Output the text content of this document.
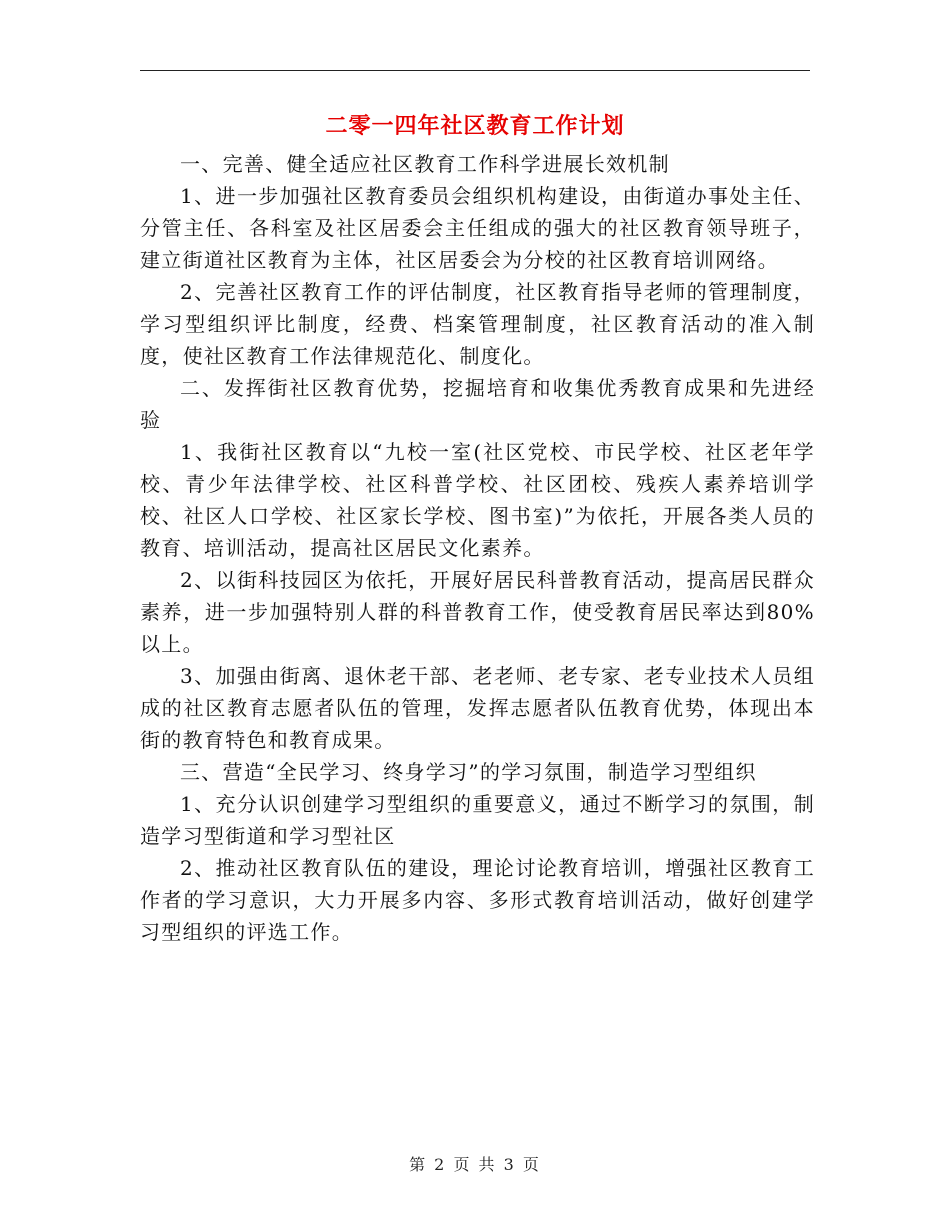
二零一四年社区教育工作计划

一、完善、健全适应社区教育工作科学进展长效机制

1、进一步加强社区教育委员会组织机构建设，由街道办事处主任、分管主任、各科室及社区居委会主任组成的强大的社区教育领导班子，建立街道社区教育为主体，社区居委会为分校的社区教育培训网络。

2、完善社区教育工作的评估制度，社区教育指导老师的管理制度，学习型组织评比制度，经费、档案管理制度，社区教育活动的准入制度，使社区教育工作法律规范化、制度化。

二、发挥街社区教育优势，挖掘培育和收集优秀教育成果和先进经验

1、我街社区教育以“九校一室(社区党校、市民学校、社区老年学校、青少年法律学校、社区科普学校、社区团校、残疾人素养培训学校、社区人口学校、社区家长学校、图书室)”为依托，开展各类人员的教育、培训活动，提高社区居民文化素养。

2、以街科技园区为依托，开展好居民科普教育活动，提高居民群众素养，进一步加强特别人群的科普教育工作，使受教育居民率达到80%以上。

3、加强由街离、退休老干部、老老师、老专家、老专业技术人员组成的社区教育志愿者队伍的管理，发挥志愿者队伍教育优势，体现出本街的教育特色和教育成果。

三、营造“全民学习、终身学习”的学习氛围，制造学习型组织

1、充分认识创建学习型组织的重要意义，通过不断学习的氛围，制造学习型街道和学习型社区

2、推动社区教育队伍的建设，理论讨论教育培训，增强社区教育工作者的学习意识，大力开展多内容、多形式教育培训活动，做好创建学习型组织的评选工作。

第 2 页 共 3 页
